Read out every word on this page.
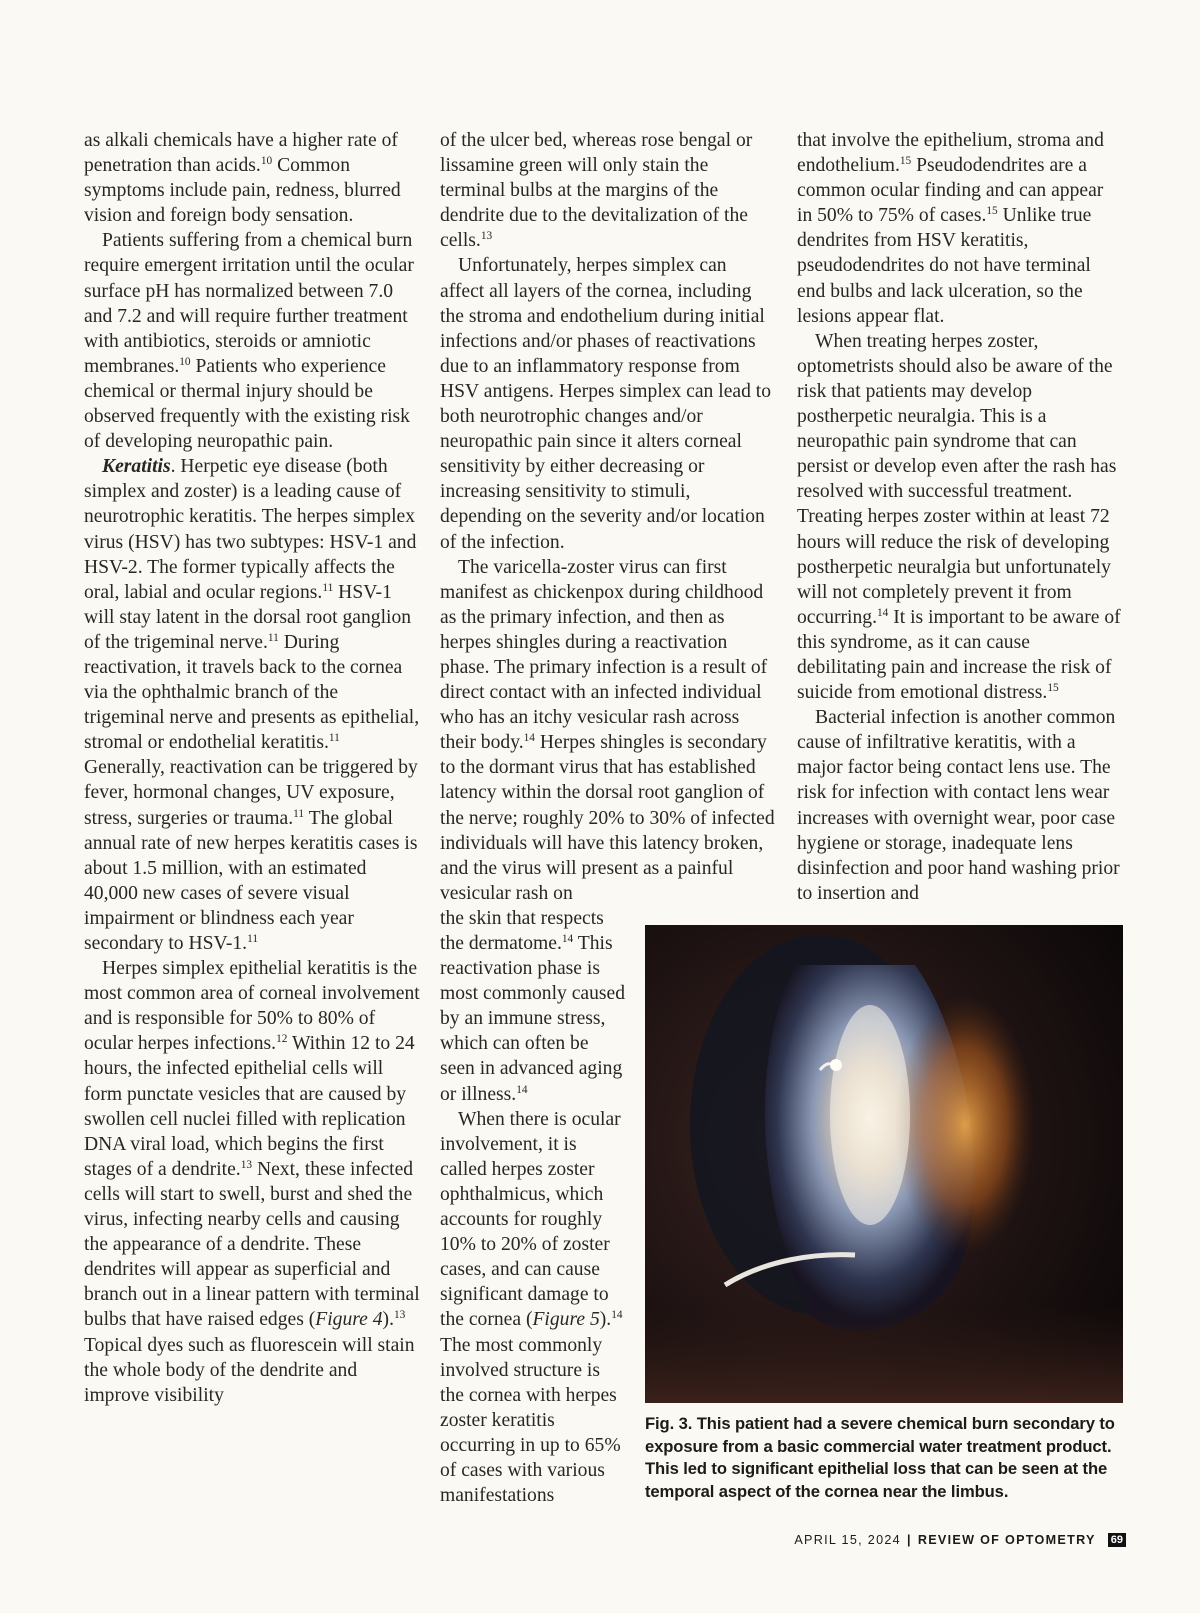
as alkali chemicals have a higher rate of penetration than acids.$^{10}$ Common symptoms include pain, redness, blurred vision and foreign body sensation.

Patients suffering from a chemical burn require emergent irritation until the ocular surface pH has normalized between 7.0 and 7.2 and will require further treatment with antibiotics, steroids or amniotic membranes.$^{10}$ Patients who experience chemical or thermal injury should be observed frequently with the existing risk of developing neuropathic pain.

Keratitis. Herpetic eye disease (both simplex and zoster) is a leading cause of neurotrophic keratitis. The herpes simplex virus (HSV) has two subtypes: HSV-1 and HSV-2. The former typically affects the oral, labial and ocular regions.$^{11}$ HSV-1 will stay latent in the dorsal root ganglion of the trigeminal nerve.$^{11}$ During reactivation, it travels back to the cornea via the ophthalmic branch of the trigeminal nerve and presents as epithelial, stromal or endothelial keratitis.$^{11}$ Generally, reactivation can be triggered by fever, hormonal changes, UV exposure, stress, surgeries or trauma.$^{11}$ The global annual rate of new herpes keratitis cases is about 1.5 million, with an estimated 40,000 new cases of severe visual impairment or blindness each year secondary to HSV-1.11

Herpes simplex epithelial keratitis is the most common area of corneal involvement and is responsible for 50% to 80% of ocular herpes infections.$^{12}$ Within 12 to 24 hours, the infected epithelial cells will form punctate vesicles that are caused by swollen cell nuclei filled with replication DNA viral load, which begins the first stages of a dendrite.$^{13}$ Next, these infected cells will start to swell, burst and shed the virus, infecting nearby cells and causing the appearance of a dendrite. These dendrites will appear as superficial and branch out in a linear pattern with terminal bulbs that have raised edges (Figure 4).$^{13}$ Topical dyes such as fluorescein will stain the whole body of the dendrite and improve visibility

of the ulcer bed, whereas rose bengal or lissamine green will only stain the terminal bulbs at the margins of the dendrite due to the devitalization of the cells.$^{13}$

Unfortunately, herpes simplex can affect all layers of the cornea, including the stroma and endothelium during initial infections and/or phases of reactivations due to an inflammatory response from HSV antigens. Herpes simplex can lead to both neurotrophic changes and/or neuropathic pain since it alters corneal sensitivity by either decreasing or increasing sensitivity to stimuli, depending on the severity and/or location of the infection.

The varicella-zoster virus can first manifest as chickenpox during childhood as the primary infection, and then as herpes shingles during a reactivation phase. The primary infection is a result of direct contact with an infected individual who has an itchy vesicular rash across their body.$^{14}$ Herpes shingles is secondary to the dormant virus that has established latency within the dorsal root ganglion of the nerve; roughly 20% to 30% of infected individuals will have this latency broken, and the virus will present as a painful vesicular rash on

the skin that respects the dermatome.$^{14}$ This reactivation phase is most commonly caused by an immune stress, which can often be seen in advanced aging or illness.$^{14}$

When there is ocular involvement, it is called herpes zoster ophthalmicus, which accounts for roughly 10% to 20% of zoster cases, and can cause significant damage to the cornea (Figure 5).$^{14}$ The most commonly involved structure is the cornea with herpes zoster keratitis occurring in up to 65% of cases with various manifestations

that involve the epithelium, stroma and endothelium.$^{15}$ Pseudodendrites are a common ocular finding and can appear in 50% to 75% of cases.$^{15}$ Unlike true dendrites from HSV keratitis, pseudodendrites do not have terminal end bulbs and lack ulceration, so the lesions appear flat.

When treating herpes zoster, optometrists should also be aware of the risk that patients may develop postherpetic neuralgia. This is a neuropathic pain syndrome that can persist or develop even after the rash has resolved with successful treatment. Treating herpes zoster within at least 72 hours will reduce the risk of developing postherpetic neuralgia but unfortunately will not completely prevent it from occurring.$^{14}$ It is important to be aware of this syndrome, as it can cause debilitating pain and increase the risk of suicide from emotional distress.$^{15}$

Bacterial infection is another common cause of infiltrative keratitis, with a major factor being contact lens use. The risk for infection with contact lens wear increases with overnight wear, poor case hygiene or storage, inadequate lens disinfection and poor hand washing prior to insertion and

Fig. 3. This patient had a severe chemical burn secondary to exposure from a basic commercial water treatment product. This led to significant epithelial loss that can be seen at the temporal aspect of the cornea near the limbus.
APRIL 15, 2024 | REVIEW OF OPTOMETRY 69
